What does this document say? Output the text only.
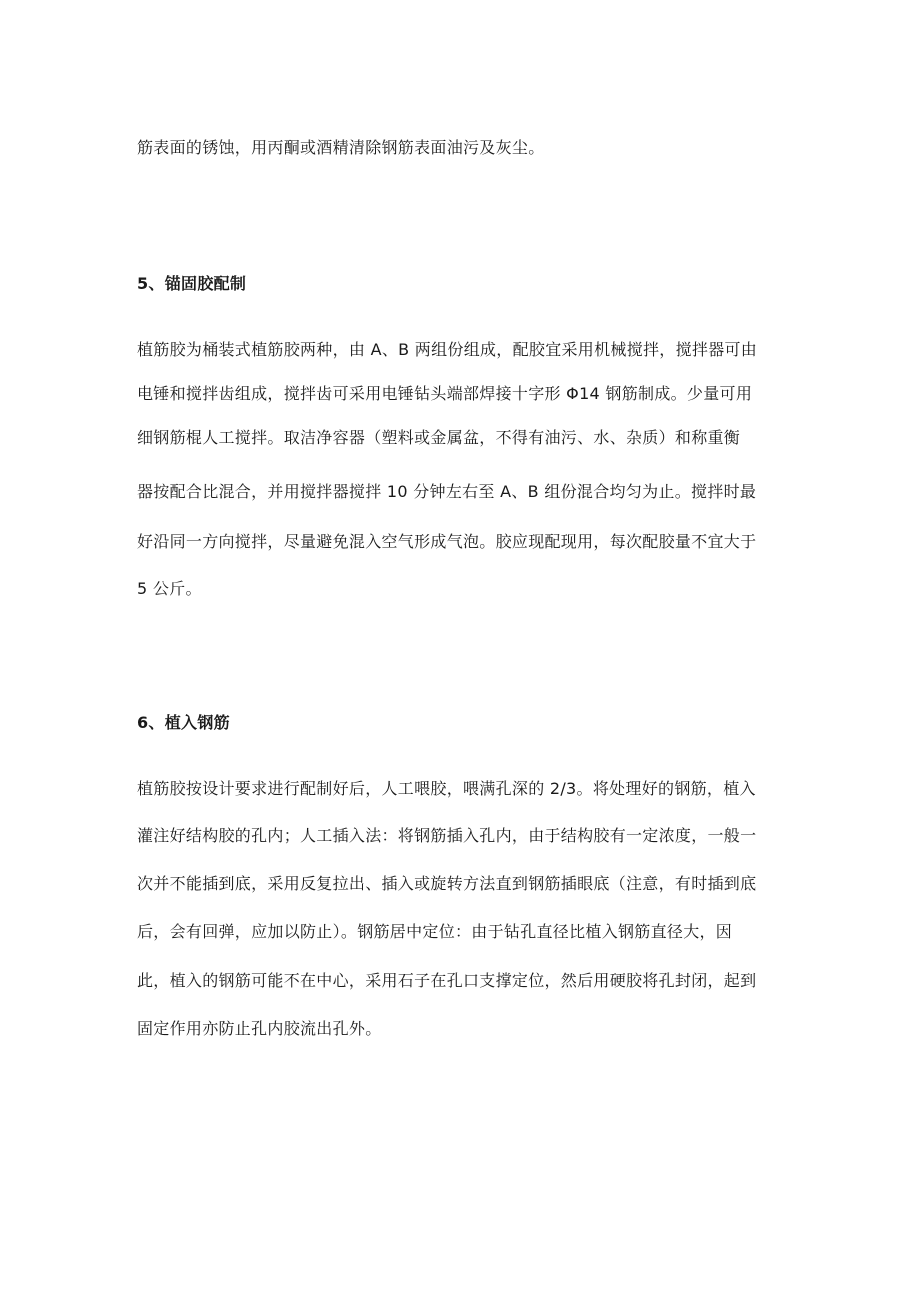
筋表面的锈蚀，用丙酮或酒精清除钢筋表面油污及灰尘。
5、锚固胶配制
植筋胶为桶装式植筋胶两种，由 A、B 两组份组成，配胶宜采用机械搅拌，搅拌器可由
电锤和搅拌齿组成，搅拌齿可采用电锤钻头端部焊接十字形 Φ14 钢筋制成。少量可用
细钢筋棍人工搅拌。取洁净容器（塑料或金属盆，不得有油污、水、杂质）和称重衡
器按配合比混合，并用搅拌器搅拌 10 分钟左右至 A、B 组份混合均匀为止。搅拌时最
好沿同一方向搅拌，尽量避免混入空气形成气泡。胶应现配现用，每次配胶量不宜大于
5 公斤。
6、植入钢筋
植筋胶按设计要求进行配制好后，人工喂胶，喂满孔深的 2/3。将处理好的钢筋，植入
灌注好结构胶的孔内；人工插入法：将钢筋插入孔内，由于结构胶有一定浓度，一般一
次并不能插到底，采用反复拉出、插入或旋转方法直到钢筋插眼底（注意，有时插到底
后，会有回弹，应加以防止）。钢筋居中定位：由于钻孔直径比植入钢筋直径大，因
此，植入的钢筋可能不在中心，采用石子在孔口支撑定位，然后用硬胶将孔封闭，起到
固定作用亦防止孔内胶流出孔外。
